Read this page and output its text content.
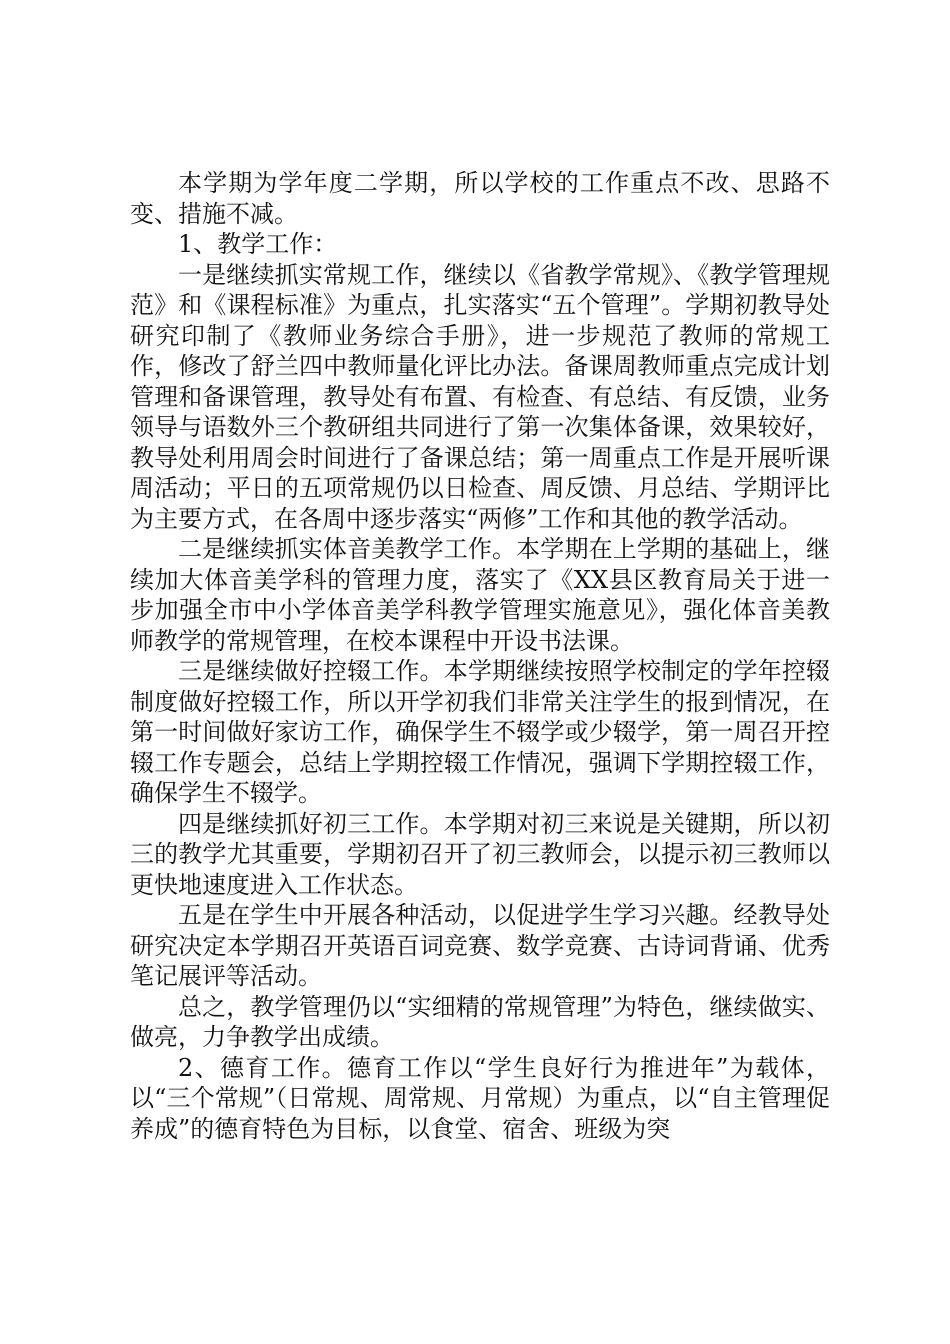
本学期为学年度二学期，所以学校的工作重点不改、思路不变、措施不减。

1、教学工作：

一是继续抓实常规工作，继续以《省教学常规》、《教学管理规范》和《课程标准》为重点，扎实落实“五个管理”。学期初教导处研究印制了《教师业务综合手册》，进一步规范了教师的常规工作，修改了舒兰四中教师量化评比办法。备课周教师重点完成计划管理和备课管理，教导处有布置、有检查、有总结、有反馈，业务领导与语数外三个教研组共同进行了第一次集体备课，效果较好，教导处利用周会时间进行了备课总结；第一周重点工作是开展听课周活动；平日的五项常规仍以日检查、周反馈、月总结、学期评比为主要方式，在各周中逐步落实“两修”工作和其他的教学活动。

二是继续抓实体音美教学工作。本学期在上学期的基础上，继续加大体音美学科的管理力度，落实了《XX县区教育局关于进一步加强全市中小学体音美学科教学管理实施意见》，强化体音美教师教学的常规管理，在校本课程中开设书法课。

三是继续做好控辍工作。本学期继续按照学校制定的学年控辍制度做好控辍工作，所以开学初我们非常关注学生的报到情况，在第一时间做好家访工作，确保学生不辍学或少辍学，第一周召开控辍工作专题会，总结上学期控辍工作情况，强调下学期控辍工作，确保学生不辍学。

四是继续抓好初三工作。本学期对初三来说是关键期，所以初三的教学尤其重要，学期初召开了初三教师会，以提示初三教师以更快地速度进入工作状态。

五是在学生中开展各种活动，以促进学生学习兴趣。经教导处研究决定本学期召开英语百词竞赛、数学竞赛、古诗词背诵、优秀笔记展评等活动。

总之，教学管理仍以“实细精的常规管理”为特色，继续做实、做亮，力争教学出成绩。

2、德育工作。德育工作以“学生良好行为推进年”为载体，以“三个常规”（日常规、周常规、月常规）为重点，以“自主管理促养成”的德育特色为目标，以食堂、宿舍、班级为突
